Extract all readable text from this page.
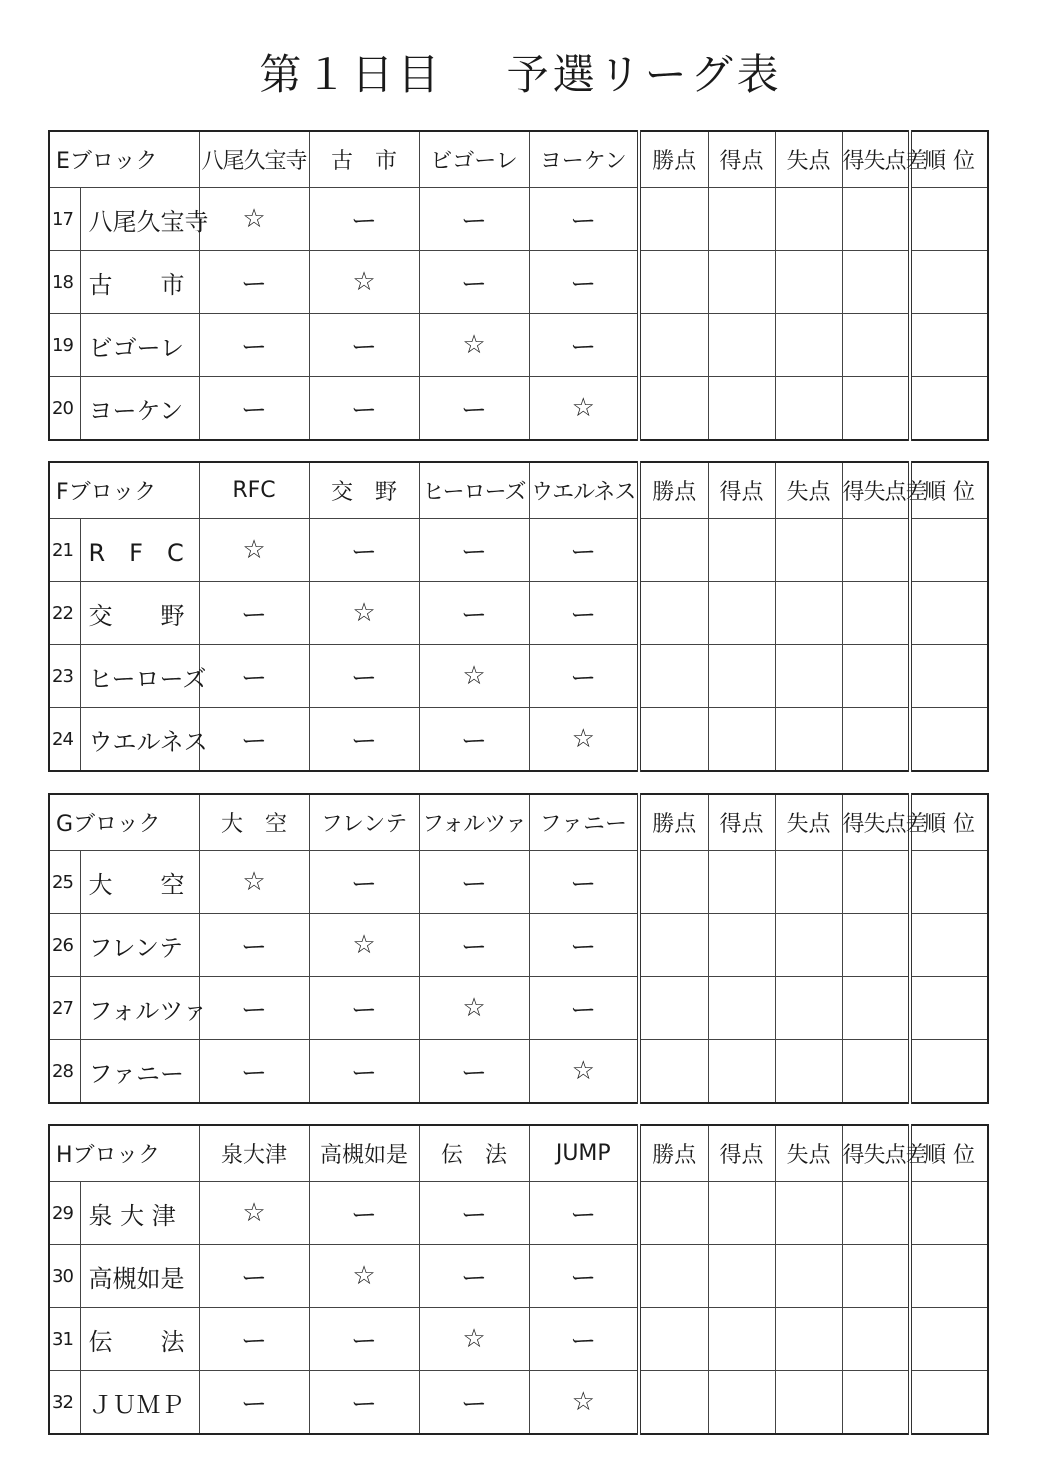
第１日目　 予選リーグ表
Eブロック		八尾久宝寺	古　市	ビゴーレ	ヨーケン	勝点	得点	失点	得失点差	順 位
17	八尾久宝寺	☆	ー	ー	ー					
18	古　　市	ー	☆	ー	ー					
19	ビゴーレ	ー	ー	☆	ー					
20	ヨーケン	ー	ー	ー	☆					
Fブロック		RFC	交　野	ヒーローズ	ウエルネス	勝点	得点	失点	得失点差	順 位
21	R　F　C	☆	ー	ー	ー					
22	交　　野	ー	☆	ー	ー					
23	ヒーローズ	ー	ー	☆	ー					
24	ウエルネス	ー	ー	ー	☆					
Gブロック		大　空	フレンテ	フォルツァ	ファニー	勝点	得点	失点	得失点差	順 位
25	大　　空	☆	ー	ー	ー					
26	フレンテ	ー	☆	ー	ー					
27	フォルツァ	ー	ー	☆	ー					
28	ファニー	ー	ー	ー	☆					
Hブロック		泉大津	高槻如是	伝　法	JUMP	勝点	得点	失点	得失点差	順 位
29	泉 大 津	☆	ー	ー	ー					
30	高槻如是	ー	☆	ー	ー					
31	伝　　法	ー	ー	☆	ー					
32	ＪＵＭＰ	ー	ー	ー	☆					
